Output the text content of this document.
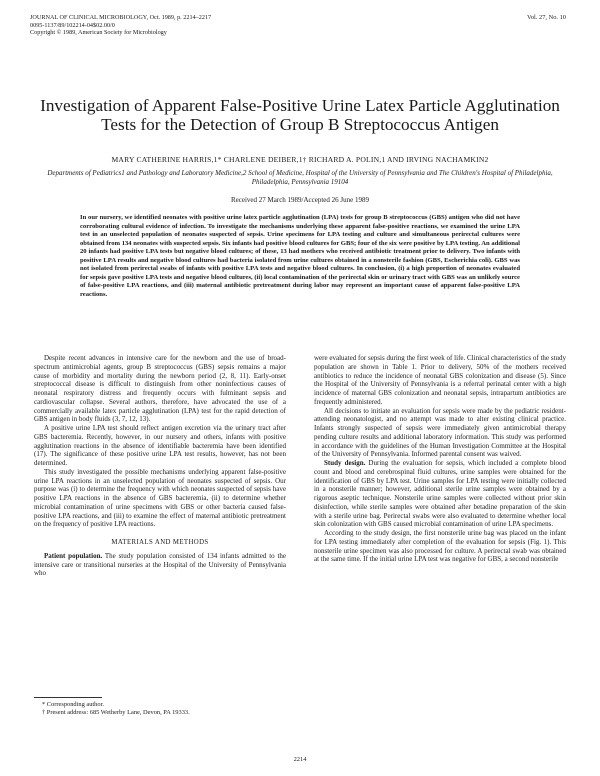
JOURNAL OF CLINICAL MICROBIOLOGY, Oct. 1989, p. 2214–2217
0095-1137/89/102214-04$02.00/0
Copyright © 1989, American Society for Microbiology
Vol. 27, No. 10
Investigation of Apparent False-Positive Urine Latex Particle Agglutination Tests for the Detection of Group B Streptococcus Antigen
MARY CATHERINE HARRIS,1* CHARLENE DEIBER,1† RICHARD A. POLIN,1 AND IRVING NACHAMKIN2
Departments of Pediatrics1 and Pathology and Laboratory Medicine,2 School of Medicine, Hospital of the University of Pennsylvania and The Children's Hospital of Philadelphia, Philadelphia, Pennsylvania 19104
Received 27 March 1989/Accepted 26 June 1989

In our nursery, we identified neonates with positive urine latex particle agglutination (LPA) tests for group B streptococcus (GBS) antigen who did not have corroborating cultural evidence of infection. To investigate the mechanisms underlying these apparent false-positive reactions, we examined the urine LPA test in an unselected population of neonates suspected of sepsis. Urine specimens for LPA testing and culture and simultaneous perirectal cultures were obtained from 134 neonates with suspected sepsis. Six infants had positive blood cultures for GBS; four of the six were positive by LPA testing. An additional 20 infants had positive LPA tests but negative blood cultures; of these, 13 had mothers who received antibiotic treatment prior to delivery. Two infants with positive LPA results and negative blood cultures had bacteria isolated from urine cultures obtained in a nonsterile fashion (GBS, Escherichia coli). GBS was not isolated from perirectal swabs of infants with positive LPA tests and negative blood cultures. In conclusion, (i) a high proportion of neonates evaluated for sepsis gave positive LPA tests and negative blood cultures, (ii) local contamination of the perirectal skin or urinary tract with GBS was an unlikely source of false-positive LPA reactions, and (iii) maternal antibiotic pretreatment during labor may represent an important cause of apparent false-positive LPA reactions.

Despite recent advances in intensive care for the newborn and the use of broad-spectrum antimicrobial agents, group B streptococcus (GBS) sepsis remains a major cause of morbidity and mortality during the newborn period (2, 8, 11). Early-onset streptococcal disease is difficult to distinguish from other noninfectious causes of neonatal respiratory distress and frequently occurs with fulminant sepsis and cardiovascular collapse. Several authors, therefore, have advocated the use of a commercially available latex particle agglutination (LPA) test for the rapid detection of GBS antigen in body fluids (3, 7, 12, 13).

A positive urine LPA test should reflect antigen excretion via the urinary tract after GBS bacteremia. Recently, however, in our nursery and others, infants with positive agglutination reactions in the absence of identifiable bacteremia have been identified (17). The significance of these positive urine LPA test results, however, has not been determined.

This study investigated the possible mechanisms underlying apparent false-positive urine LPA reactions in an unselected population of neonates suspected of sepsis. Our purpose was (i) to determine the frequency with which neonates suspected of sepsis have positive LPA reactions in the absence of GBS bacteremia, (ii) to determine whether microbial contamination of urine specimens with GBS or other bacteria caused false-positive LPA reactions, and (iii) to examine the effect of maternal antibiotic pretreatment on the frequency of positive LPA reactions.

MATERIALS AND METHODS

Patient population. The study population consisted of 134 infants admitted to the intensive care or transitional nurseries at the Hospital of the University of Pennsylvania who

were evaluated for sepsis during the first week of life. Clinical characteristics of the study population are shown in Table 1. Prior to delivery, 50% of the mothers received antibiotics to reduce the incidence of neonatal GBS colonization and disease (5). Since the Hospital of the University of Pennsylvania is a referral perinatal center with a high incidence of maternal GBS colonization and neonatal sepsis, intrapartum antibiotics are frequently administered.

All decisions to initiate an evaluation for sepsis were made by the pediatric resident-attending neonatologist, and no attempt was made to alter existing clinical practice. Infants strongly suspected of sepsis were immediately given antimicrobial therapy pending culture results and additional laboratory information. This study was performed in accordance with the guidelines of the Human Investigation Committee at the Hospital of the University of Pennsylvania. Informed parental consent was waived.

Study design. During the evaluation for sepsis, which included a complete blood count and blood and cerebrospinal fluid cultures, urine samples were obtained for the identification of GBS by LPA test. Urine samples for LPA testing were initially collected in a nonsterile manner; however, additional sterile urine samples were obtained by a rigorous aseptic technique. Nonsterile urine samples were collected without prior skin disinfection, while sterile samples were obtained after betadine preparation of the skin with a sterile urine bag. Perirectal swabs were also evaluated to determine whether local skin colonization with GBS caused microbial contamination of urine LPA specimens.

According to the study design, the first nonsterile urine bag was placed on the infant for LPA testing immediately after completion of the evaluation for sepsis (Fig. 1). This nonsterile urine specimen was also processed for culture. A perirectal swab was obtained at the same time. If the initial urine LPA test was negative for GBS, a second nonsterile

* Corresponding author.
† Present address: 685 Wetherby Lane, Devon, PA 19333.
2214
